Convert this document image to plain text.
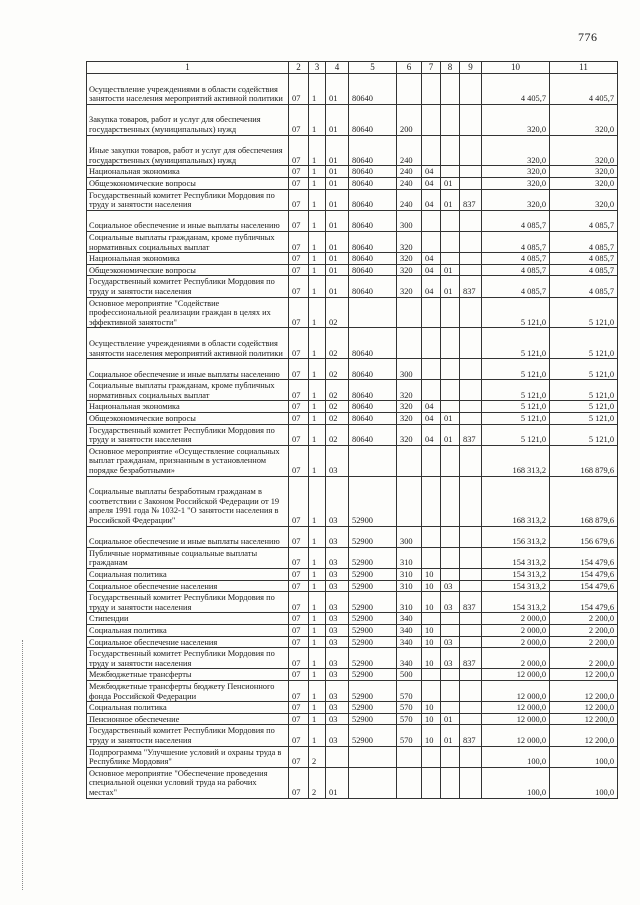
776
1	2	3	4	5	6	7	8	9	10	11
Осуществление учреждениями в области содействия занятости населения мероприятий активной политики	07	1	01	80640					4 405,7	4 405,7
Закупка товаров, работ и услуг для обеспечения государственных (муниципальных) нужд	07	1	01	80640	200				320,0	320,0
Иные закупки товаров, работ и услуг для обеспечения государственных (муниципальных) нужд	07	1	01	80640	240				320,0	320,0
Национальная экономика	07	1	01	80640	240	04			320,0	320,0
Общеэкономические вопросы	07	1	01	80640	240	04	01		320,0	320,0
Государственный комитет Республики Мордовия по труду и занятости населения	07	1	01	80640	240	04	01	837	320,0	320,0
Социальное обеспечение и иные выплаты населению	07	1	01	80640	300				4 085,7	4 085,7
Социальные выплаты гражданам, кроме публичных нормативных социальных выплат	07	1	01	80640	320				4 085,7	4 085,7
Национальная экономика	07	1	01	80640	320	04			4 085,7	4 085,7
Общеэкономические вопросы	07	1	01	80640	320	04	01		4 085,7	4 085,7
Государственный комитет Республики Мордовия по труду и занятости населения	07	1	01	80640	320	04	01	837	4 085,7	4 085,7
Основное мероприятие "Содействие профессиональной реализации граждан в целях их эффективной занятости"	07	1	02						5 121,0	5 121,0
Осуществление учреждениями в области содействия занятости населения мероприятий активной политики	07	1	02	80640					5 121,0	5 121,0
Социальное обеспечение и иные выплаты населению	07	1	02	80640	300				5 121,0	5 121,0
Социальные выплаты гражданам, кроме публичных нормативных социальных выплат	07	1	02	80640	320				5 121,0	5 121,0
Национальная экономика	07	1	02	80640	320	04			5 121,0	5 121,0
Общеэкономические вопросы	07	1	02	80640	320	04	01		5 121,0	5 121,0
Государственный комитет Республики Мордовия по труду и занятости населения	07	1	02	80640	320	04	01	837	5 121,0	5 121,0
Основное мероприятие «Осуществление социальных выплат гражданам, признанным в установленном порядке безработными»	07	1	03						168 313,2	168 879,6
Социальные выплаты безработным гражданам в соответствии с Законом Российской Федерации от 19 апреля 1991 года № 1032-1 "О занятости населения в Российской Федерации"	07	1	03	52900					168 313,2	168 879,6
Социальное обеспечение и иные выплаты населению	07	1	03	52900	300				156 313,2	156 679,6
Публичные нормативные социальные выплаты гражданам	07	1	03	52900	310				154 313,2	154 479,6
Социальная политика	07	1	03	52900	310	10			154 313,2	154 479,6
Социальное обеспечение населения	07	1	03	52900	310	10	03		154 313,2	154 479,6
Государственный комитет Республики Мордовия по труду и занятости населения	07	1	03	52900	310	10	03	837	154 313,2	154 479,6
Стипендии	07	1	03	52900	340				2 000,0	2 200,0
Социальная политика	07	1	03	52900	340	10			2 000,0	2 200,0
Социальное обеспечение населения	07	1	03	52900	340	10	03		2 000,0	2 200,0
Государственный комитет Республики Мордовия по труду и занятости населения	07	1	03	52900	340	10	03	837	2 000,0	2 200,0
Межбюджетные трансферты	07	1	03	52900	500				12 000,0	12 200,0
Межбюджетные трансферты бюджету Пенсионного фонда Российской Федерации	07	1	03	52900	570				12 000,0	12 200,0
Социальная политика	07	1	03	52900	570	10			12 000,0	12 200,0
Пенсионное обеспечение	07	1	03	52900	570	10	01		12 000,0	12 200,0
Государственный комитет Республики Мордовия по труду и занятости населения	07	1	03	52900	570	10	01	837	12 000,0	12 200,0
Подпрограмма "Улучшение условий и охраны труда в Республике Мордовия"	07	2							100,0	100,0
Основное мероприятие "Обеспечение проведения специальной оценки условий труда на рабочих местах"	07	2	01						100,0	100,0
